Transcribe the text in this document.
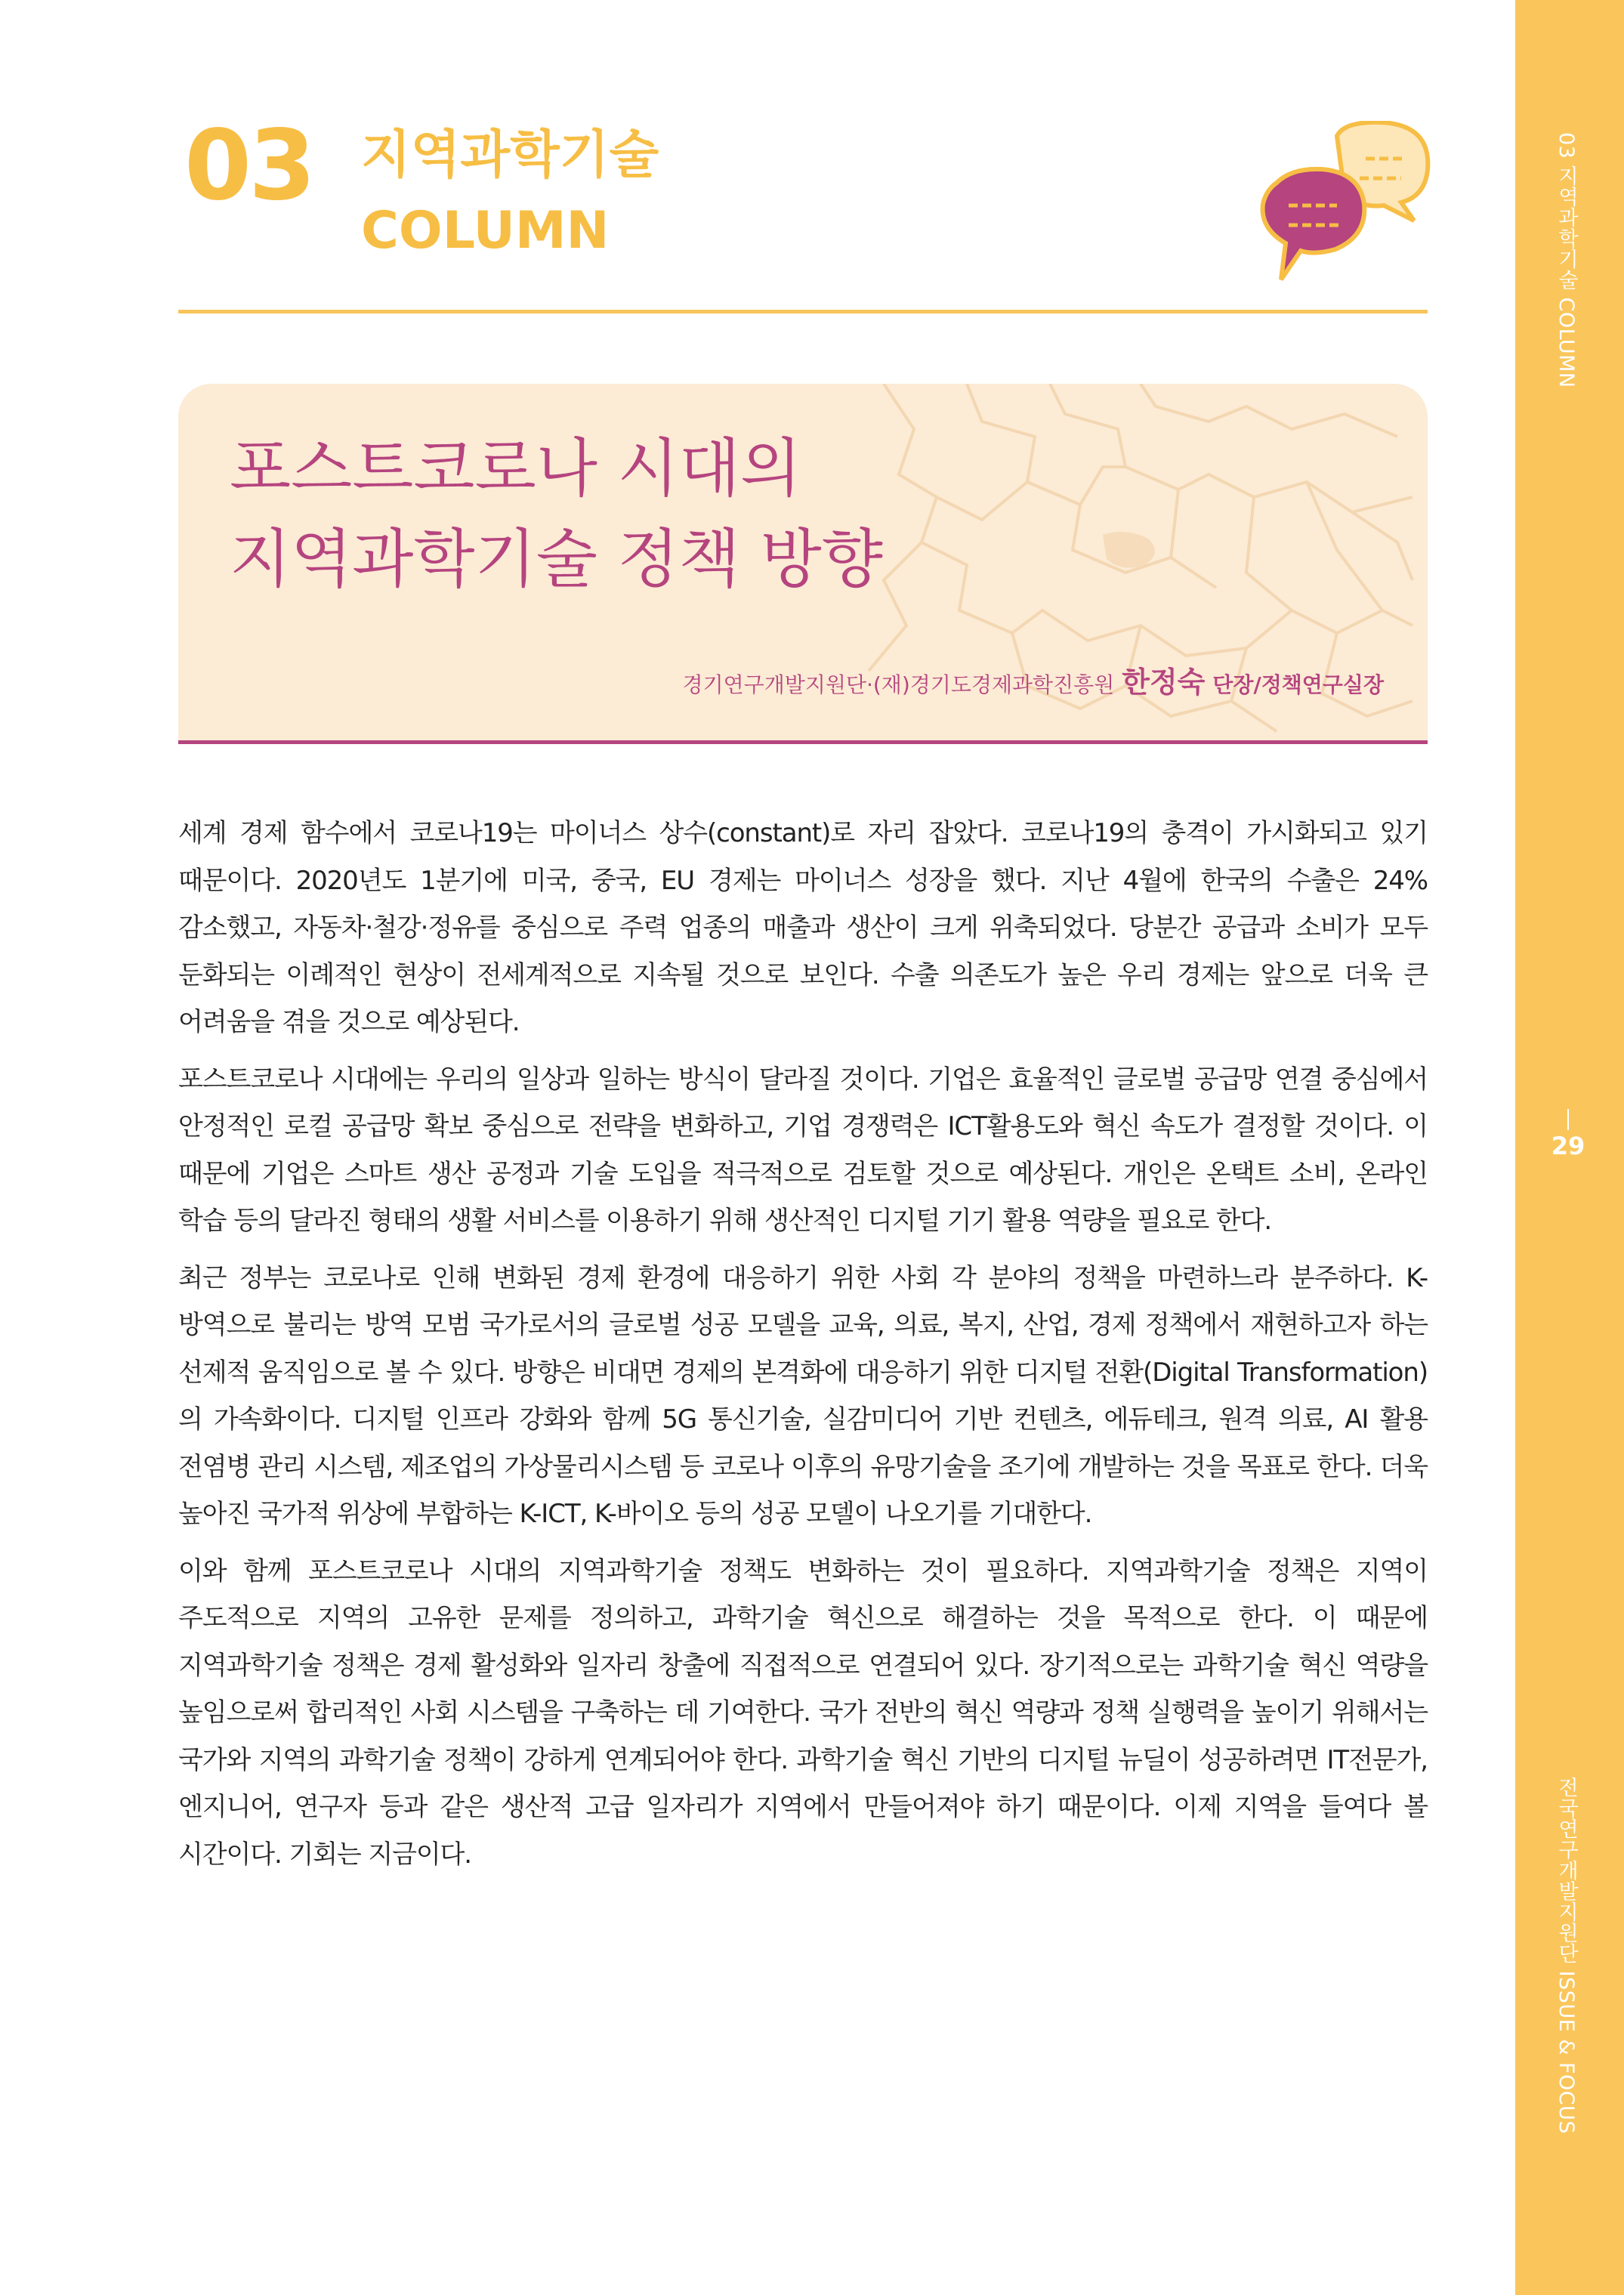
03 지역과학기술 COLUMN
29
전국연구개발지원단 ISSUE & FOCUS
03 지역과학기술
COLUMN
포스트코로나 시대의
지역과학기술 정책 방향
경기연구개발지원단·(재)경기도경제과학진흥원 한정숙 단장/정책연구실장

세계 경제 함수에서 코로나19는 마이너스 상수(constant)로 자리 잡았다. 코로나19의 충격이 가시화되고 있기 때문이다. 2020년도 1분기에 미국, 중국, EU 경제는 마이너스 성장을 했다. 지난 4월에 한국의 수출은 24% 감소했고, 자동차·철강·정유를 중심으로 주력 업종의 매출과 생산이 크게 위축되었다. 당분간 공급과 소비가 모두 둔화되는 이례적인 현상이 전세계적으로 지속될 것으로 보인다. 수출 의존도가 높은 우리 경제는 앞으로 더욱 큰 어려움을 겪을 것으로 예상된다.

포스트코로나 시대에는 우리의 일상과 일하는 방식이 달라질 것이다. 기업은 효율적인 글로벌 공급망 연결 중심에서 안정적인 로컬 공급망 확보 중심으로 전략을 변화하고, 기업 경쟁력은 ICT활용도와 혁신 속도가 결정할 것이다. 이 때문에 기업은 스마트 생산 공정과 기술 도입을 적극적으로 검토할 것으로 예상된다. 개인은 온택트 소비, 온라인 학습 등의 달라진 형태의 생활 서비스를 이용하기 위해 생산적인 디지털 기기 활용 역량을 필요로 한다.

최근 정부는 코로나로 인해 변화된 경제 환경에 대응하기 위한 사회 각 분야의 정책을 마련하느라 분주하다. K-방역으로 불리는 방역 모범 국가로서의 글로벌 성공 모델을 교육, 의료, 복지, 산업, 경제 정책에서 재현하고자 하는 선제적 움직임으로 볼 수 있다. 방향은 비대면 경제의 본격화에 대응하기 위한 디지털 전환(Digital Transformation)의 가속화이다. 디지털 인프라 강화와 함께 5G 통신기술, 실감미디어 기반 컨텐츠, 에듀테크, 원격 의료, AI 활용 전염병 관리 시스템, 제조업의 가상물리시스템 등 코로나 이후의 유망기술을 조기에 개발하는 것을 목표로 한다. 더욱 높아진 국가적 위상에 부합하는 K-ICT, K-바이오 등의 성공 모델이 나오기를 기대한다.

이와 함께 포스트코로나 시대의 지역과학기술 정책도 변화하는 것이 필요하다. 지역과학기술 정책은 지역이 주도적으로 지역의 고유한 문제를 정의하고, 과학기술 혁신으로 해결하는 것을 목적으로 한다. 이 때문에 지역과학기술 정책은 경제 활성화와 일자리 창출에 직접적으로 연결되어 있다. 장기적으로는 과학기술 혁신 역량을 높임으로써 합리적인 사회 시스템을 구축하는 데 기여한다. 국가 전반의 혁신 역량과 정책 실행력을 높이기 위해서는 국가와 지역의 과학기술 정책이 강하게 연계되어야 한다. 과학기술 혁신 기반의 디지털 뉴딜이 성공하려면 IT전문가, 엔지니어, 연구자 등과 같은 생산적 고급 일자리가 지역에서 만들어져야 하기 때문이다. 이제 지역을 들여다 볼 시간이다. 기회는 지금이다.
